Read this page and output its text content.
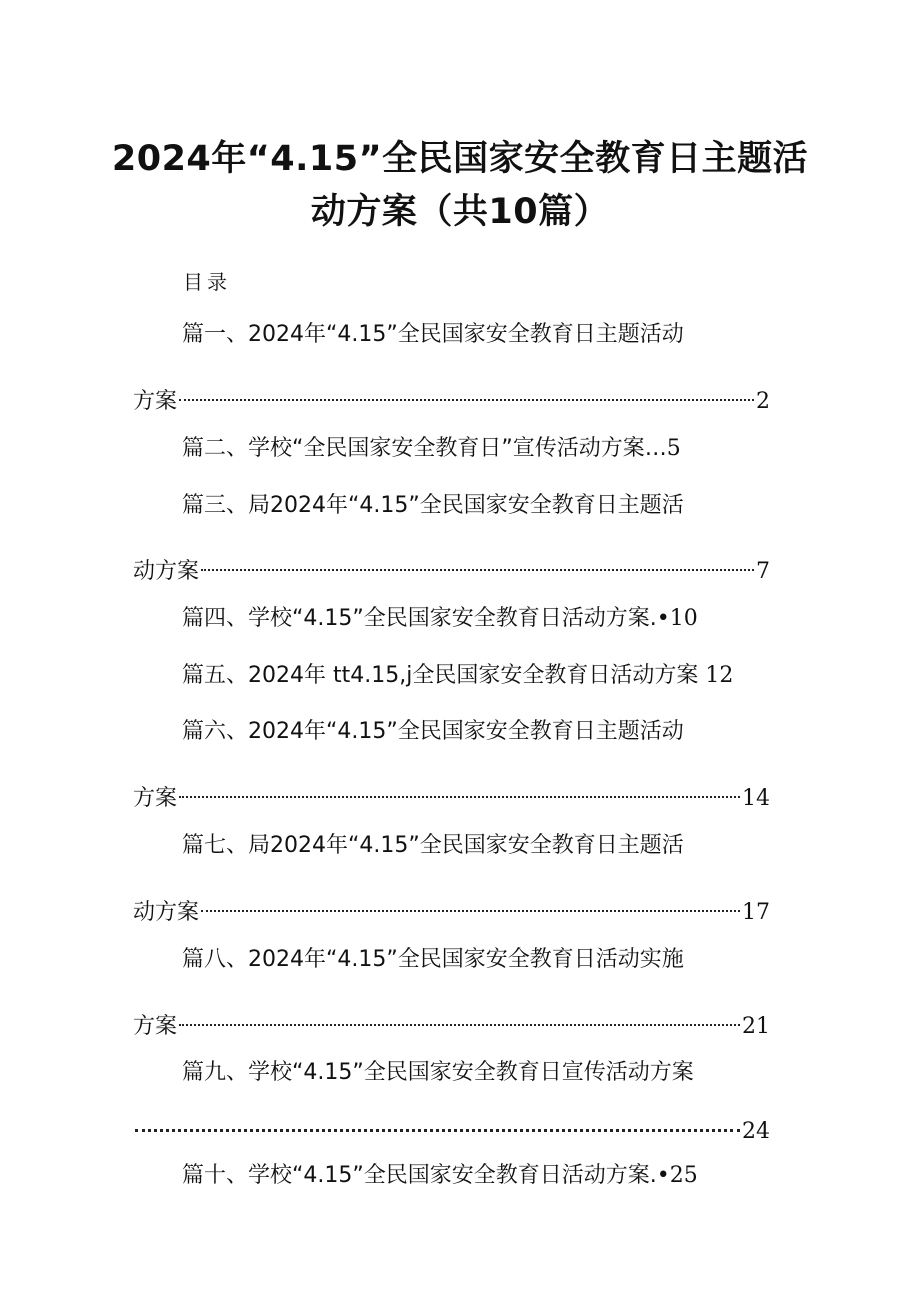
2024年“4.15”全民国家安全教育日主题活
动方案（共10篇）
目录
篇一、2024年“4.15”全民国家安全教育日主题活动
方案	2
篇二、学校“全民国家安全教育日”宣传活动方案…5
篇三、局2024年“4.15”全民国家安全教育日主题活
动方案	7
篇四、学校“4.15”全民国家安全教育日活动方案.•10
篇五、2024年 tt4.15,j全民国家安全教育日活动方案 12
篇六、2024年“4.15”全民国家安全教育日主题活动
方案	14
篇七、局2024年“4.15”全民国家安全教育日主题活
动方案	17
篇八、2024年“4.15”全民国家安全教育日活动实施
方案	21
篇九、学校“4.15”全民国家安全教育日宣传活动方案
24
篇十、学校“4.15”全民国家安全教育日活动方案.•25
